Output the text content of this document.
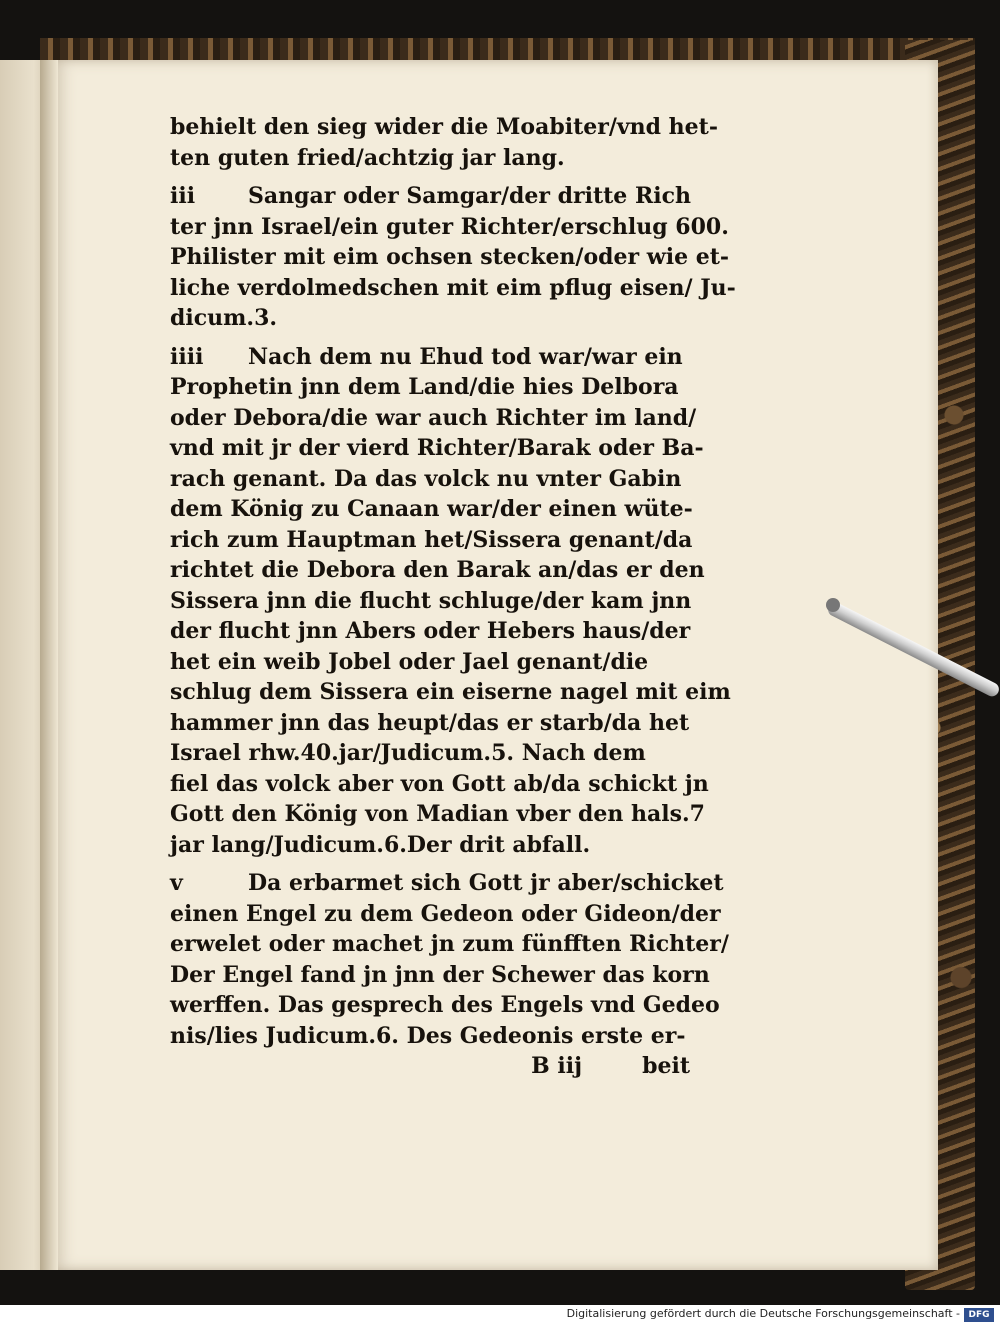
behielt den sieg wider die Moabiter/vnd het-
ten guten fried/achtzig jar lang.
iii Sangar oder Samgar/der dritte Rich
ter jnn Israel/ein guter Richter/erschlug 600.
Philister mit eim ochsen stecken/oder wie et-
liche verdolmedschen mit eim pflug eisen/ Ju-
dicum.3.
iiii Nach dem nu Ehud tod war/war ein
Prophetin jnn dem Land/die hies Delbora
oder Debora/die war auch Richter im land/
vnd mit jr der vierd Richter/Barak oder Ba-
rach genant. Da das volck nu vnter Gabin
dem König zu Canaan war/der einen wüte-
rich zum Hauptman het/Sissera genant/da
richtet die Debora den Barak an/das er den
Sissera jnn die flucht schluge/der kam jnn
der flucht jnn Abers oder Hebers haus/der
het ein weib Jobel oder Jael genant/die
schlug dem Sissera ein eiserne nagel mit eim
hammer jnn das heupt/das er starb/da het
Israel rhw.40.jar/Judicum.5. Nach dem
fiel das volck aber von Gott ab/da schickt jn
Gott den König von Madian vber den hals.7
jar lang/Judicum.6.Der drit abfall.
v	Da erbarmet sich Gott jr aber/schicket
einen Engel zu dem Gedeon oder Gideon/der
erwelet oder machet jn zum fünfften Richter/
Der Engel fand jn jnn der Schewer das korn
werffen. Das gesprech des Engels vnd Gedeo
nis/lies Judicum.6. Des Gedeonis erste er-
B iij	beit
Digitalisierung gefördert durch die Deutsche Forschungsgemeinschaft - DFG
